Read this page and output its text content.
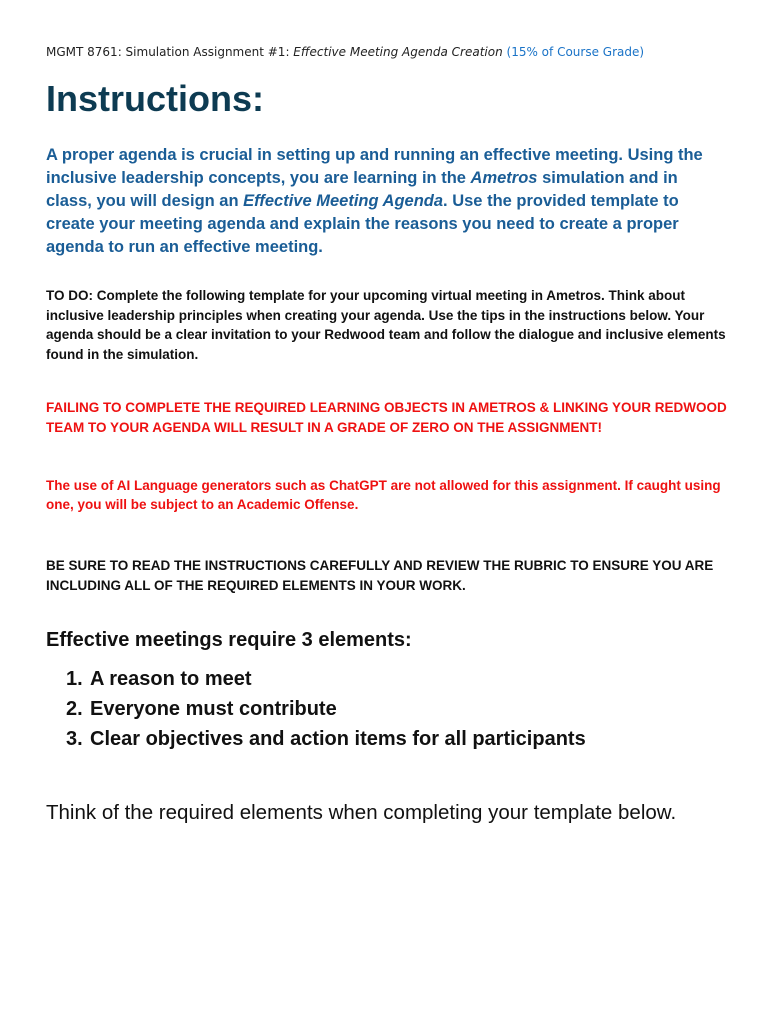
MGMT 8761: Simulation Assignment #1: Effective Meeting Agenda Creation (15% of Course Grade)
Instructions:

A proper agenda is crucial in setting up and running an effective meeting. Using the inclusive leadership concepts, you are learning in the Ametros simulation and in class, you will design an Effective Meeting Agenda. Use the provided template to create your meeting agenda and explain the reasons you need to create a proper agenda to run an effective meeting.

TO DO: Complete the following template for your upcoming virtual meeting in Ametros. Think about inclusive leadership principles when creating your agenda. Use the tips in the instructions below. Your agenda should be a clear invitation to your Redwood team and follow the dialogue and inclusive elements found in the simulation.

FAILING TO COMPLETE THE REQUIRED LEARNING OBJECTS IN AMETROS & LINKING YOUR REDWOOD TEAM TO YOUR AGENDA WILL RESULT IN A GRADE OF ZERO ON THE ASSIGNMENT!

The use of AI Language generators such as ChatGPT are not allowed for this assignment. If caught using one, you will be subject to an Academic Offense.

BE SURE TO READ THE INSTRUCTIONS CAREFULLY AND REVIEW THE RUBRIC TO ENSURE YOU ARE INCLUDING ALL OF THE REQUIRED ELEMENTS IN YOUR WORK.

Effective meetings require 3 elements:
1. A reason to meet
2. Everyone must contribute
3. Clear objectives and action items for all participants

Think of the required elements when completing your template below.
